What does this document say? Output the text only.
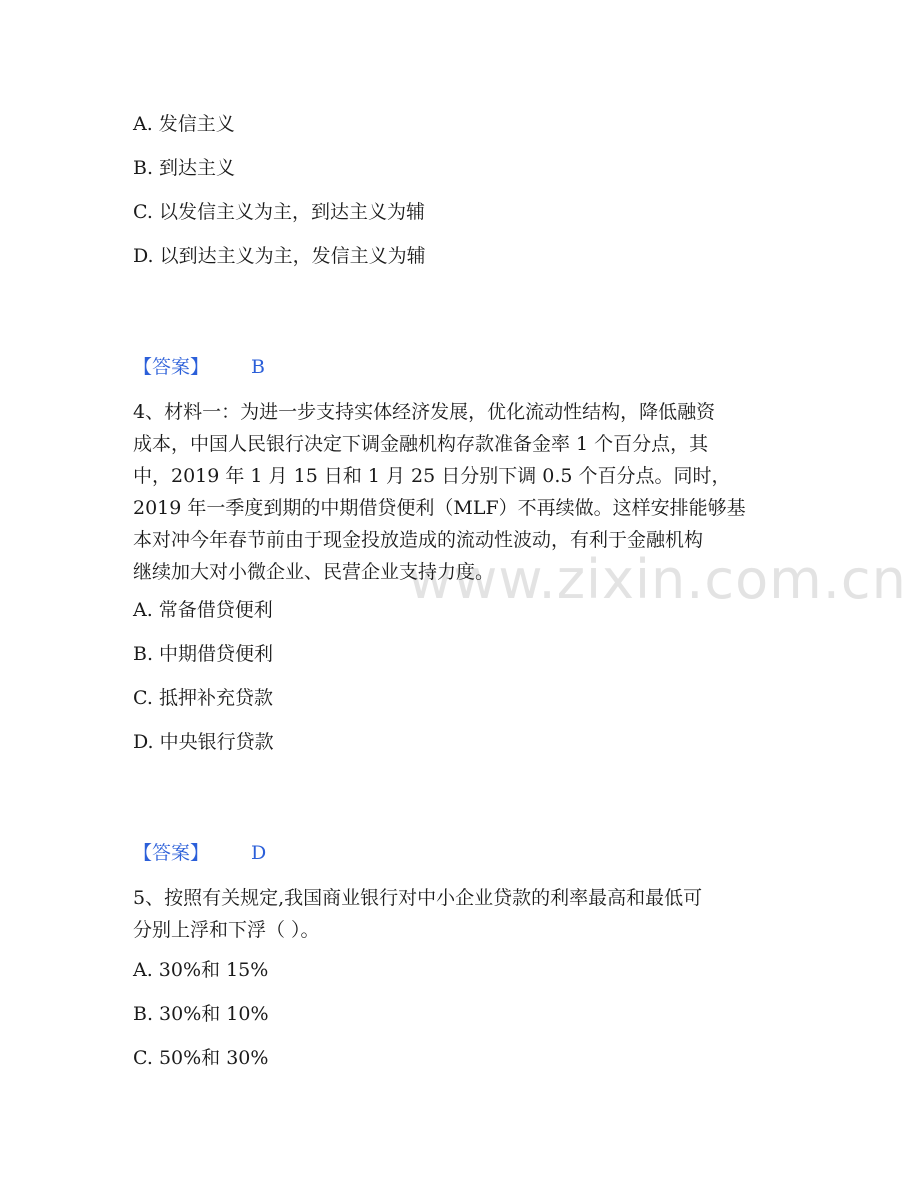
www.zixin.com.cn
A. 发信主义
B. 到达主义
C. 以发信主义为主，到达主义为辅
D. 以到达主义为主，发信主义为辅
【答案】 B
4、材料一：为进一步支持实体经济发展，优化流动性结构，降低融资
成本，中国人民银行决定下调金融机构存款准备金率 1 个百分点，其
中，2019 年 1 月 15 日和 1 月 25 日分别下调 0.5 个百分点。同时，
2019 年一季度到期的中期借贷便利（MLF）不再续做。这样安排能够基
本对冲今年春节前由于现金投放造成的流动性波动，有利于金融机构
继续加大对小微企业、民营企业支持力度。
A. 常备借贷便利
B. 中期借贷便利
C. 抵押补充贷款
D. 中央银行贷款
【答案】 D
5、按照有关规定,我国商业银行对中小企业贷款的利率最高和最低可
分别上浮和下浮（ ）。
A. 30%和 15%
B. 30%和 10%
C. 50%和 30%
